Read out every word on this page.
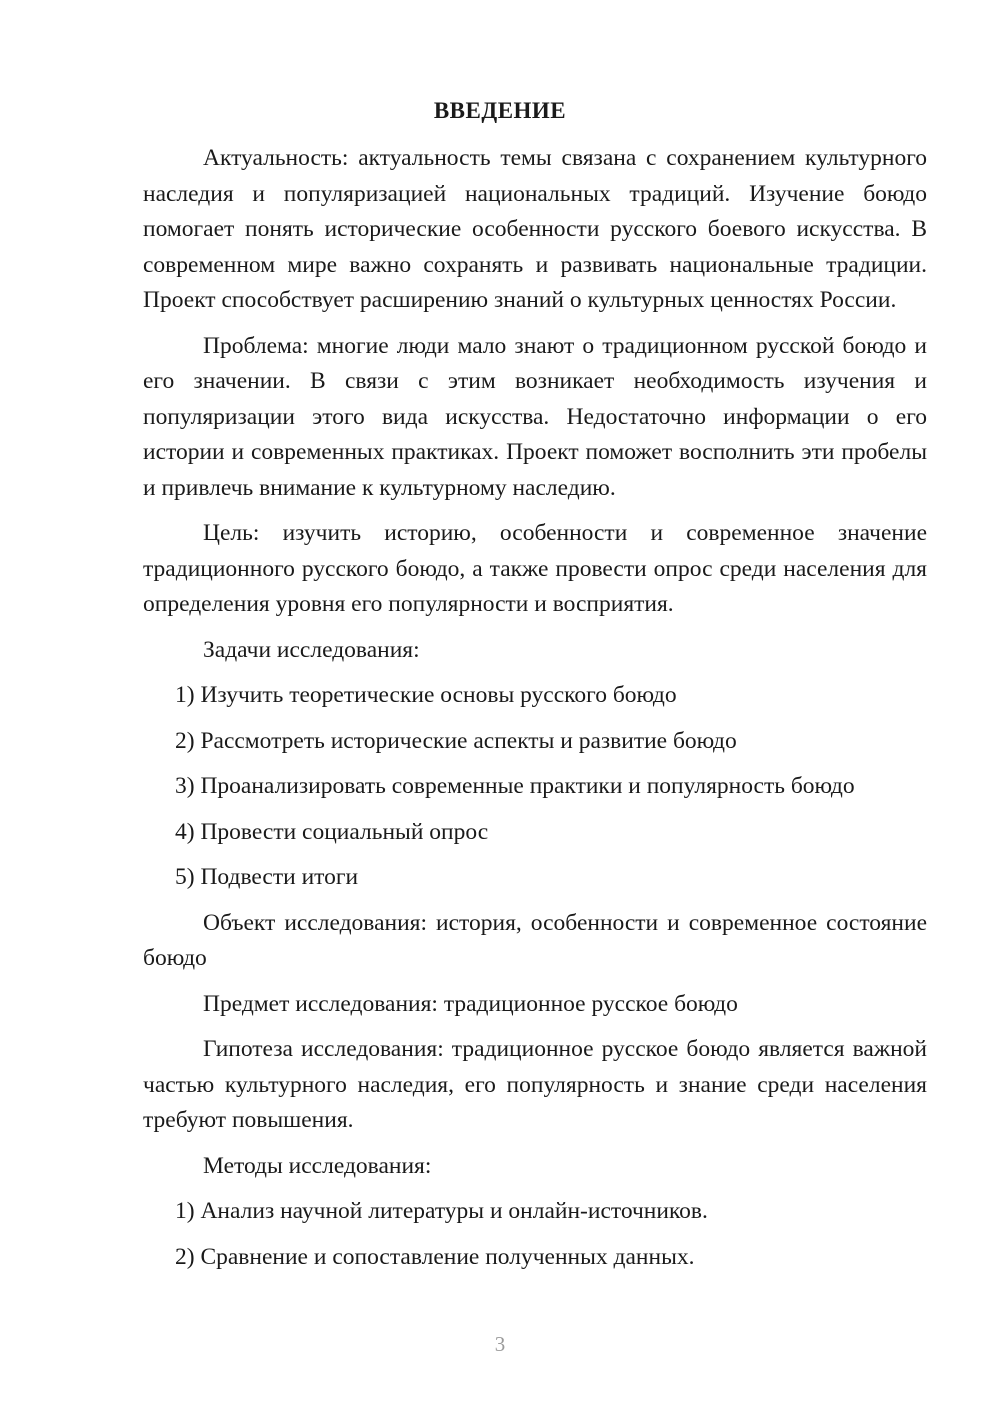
ВВЕДЕНИЕ

Актуальность: актуальность темы связана с сохранением культурного наследия и популяризацией национальных традиций. Изучение боюдо помогает понять исторические особенности русского боевого искусства. В современном мире важно сохранять и развивать национальные традиции. Проект способствует расширению знаний о культурных ценностях России.

Проблема: многие люди мало знают о традиционном русской боюдо и его значении. В связи с этим возникает необходимость изучения и популяризации этого вида искусства. Недостаточно информации о его истории и современных практиках. Проект поможет восполнить эти пробелы и привлечь внимание к культурному наследию.

Цель: изучить историю, особенности и современное значение традиционного русского боюдо, а также провести опрос среди населения для определения уровня его популярности и восприятия.

Задачи исследования:

1) Изучить теоретические основы русского боюдо

2) Рассмотреть исторические аспекты и развитие боюдо

3) Проанализировать современные практики и популярность боюдо

4) Провести социальный опрос

5) Подвести итоги

Объект исследования: история, особенности и современное состояние боюдо

Предмет исследования: традиционное русское боюдо

Гипотеза исследования: традиционное русское боюдо является важной частью культурного наследия, его популярность и знание среди населения требуют повышения.

Методы исследования:

1) Анализ научной литературы и онлайн-источников.

2) Сравнение и сопоставление полученных данных.

3
